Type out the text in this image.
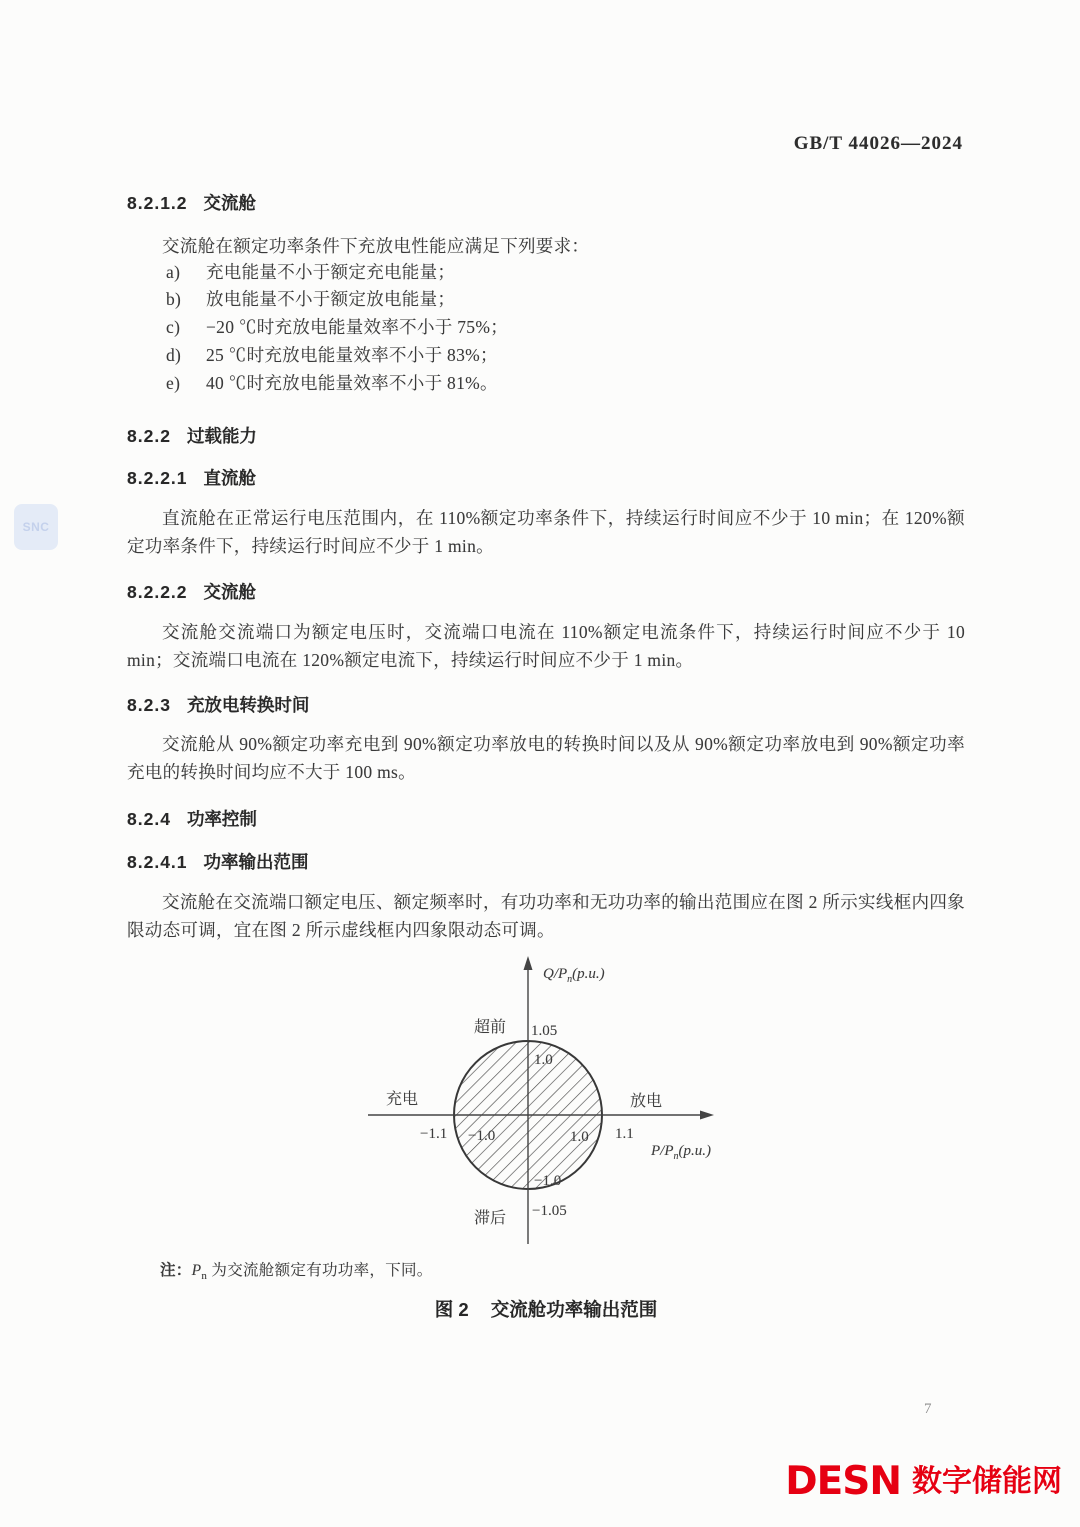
SNC
GB/T 44026—2024
8.2.1.2 交流舱

交流舱在额定功率条件下充放电性能应满足下列要求：

a) 充电能量不小于额定充电能量；
b) 放电能量不小于额定放电能量；
c) −20 ℃时充放电能量效率不小于 75%；
d) 25 ℃时充放电能量效率不小于 83%；
e) 40 ℃时充放电能量效率不小于 81%。
8.2.2 过载能力
8.2.2.1 直流舱

直流舱在正常运行电压范围内，在 110%额定功率条件下，持续运行时间应不少于 10 min；在 120%额定功率条件下，持续运行时间应不少于 1 min。

8.2.2.2 交流舱

交流舱交流端口为额定电压时，交流端口电流在 110%额定电流条件下，持续运行时间应不少于 10 min；交流端口电流在 120%额定电流下，持续运行时间应不少于 1 min。

8.2.3 充放电转换时间

交流舱从 90%额定功率充电到 90%额定功率放电的转换时间以及从 90%额定功率放电到 90%额定功率充电的转换时间均应不大于 100 ms。

8.2.4 功率控制
8.2.4.1 功率输出范围

交流舱在交流端口额定电压、额定频率时，有功功率和无功功率的输出范围应在图 2 所示实线框内四象限动态可调，宜在图 2 所示虚线框内四象限动态可调。

$Q/P_n(p.u.)$
$P/P_n(p.u.)$
超前
滞后
充电	放电
1.05
1.0
−1.0
−1.05
−1.1 −1.0	1.0 1.1
注：$P_n$ 为交流舱额定有功功率，下同。
图 2 交流舱功率输出范围
7
DESN 数字储能网
